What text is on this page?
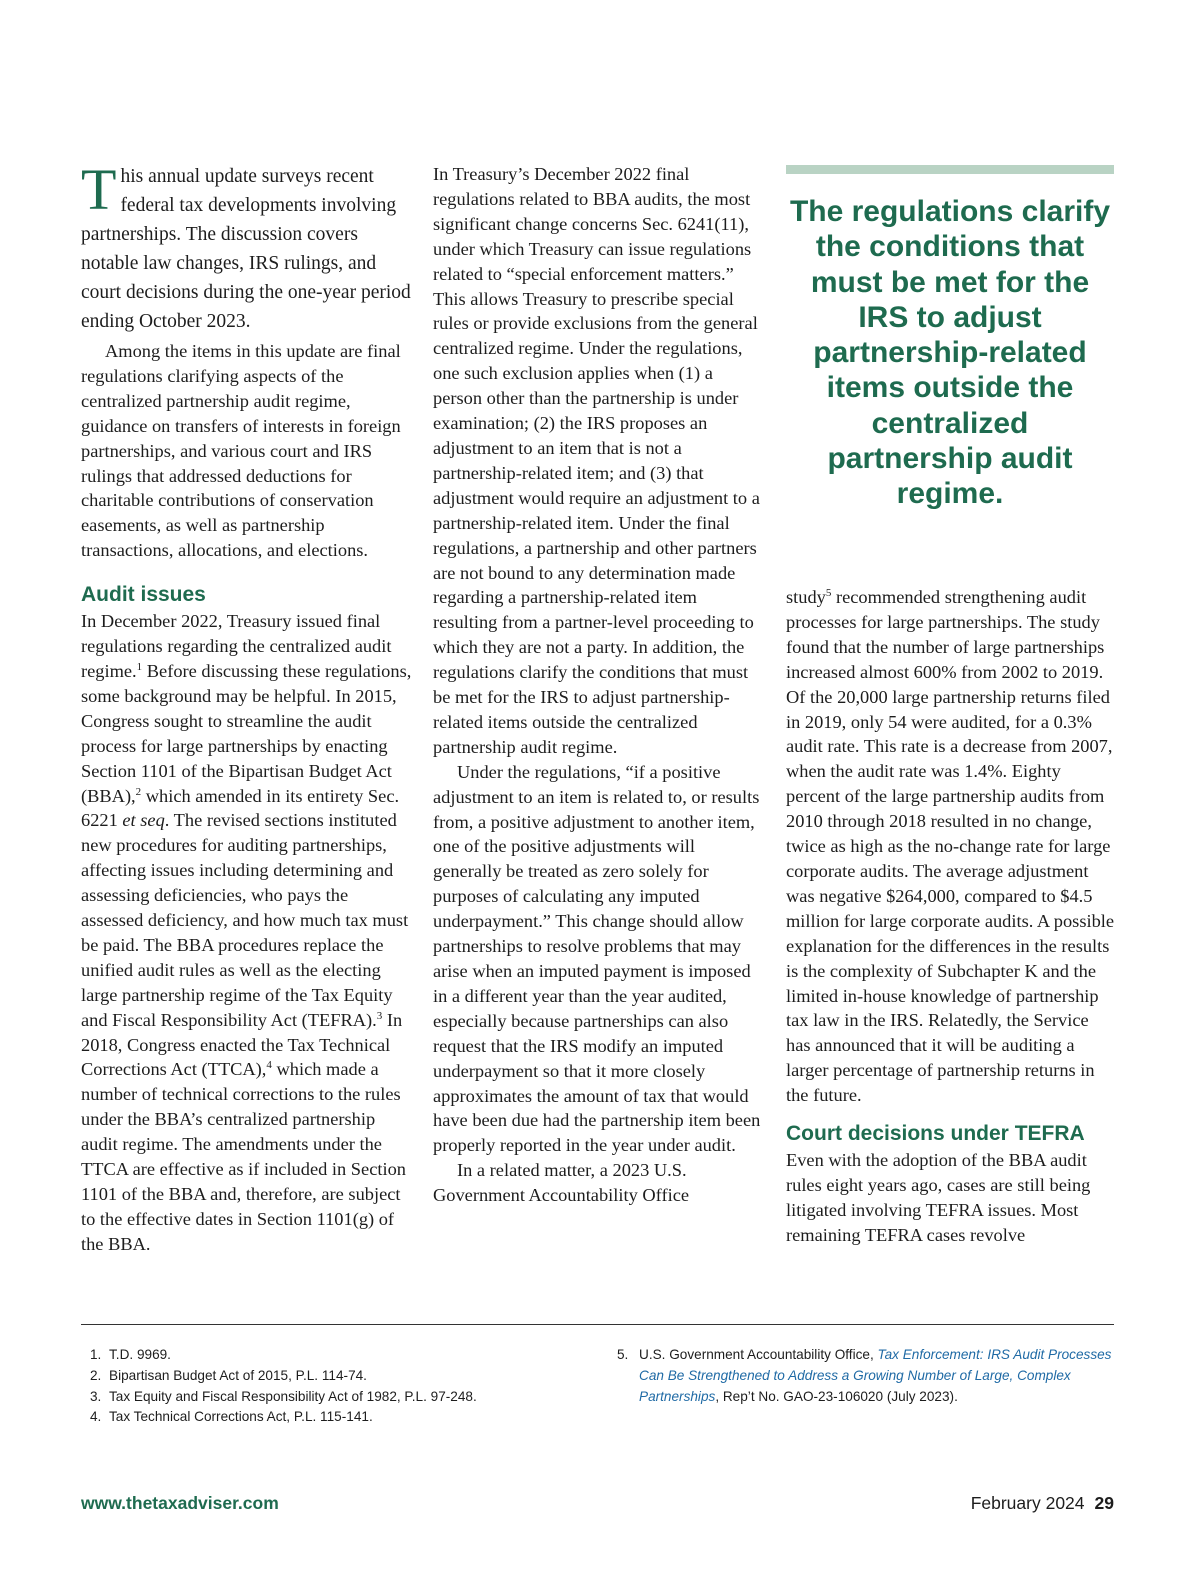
This annual update surveys recent federal tax developments involving partnerships. The discussion covers notable law changes, IRS rulings, and court decisions during the one-year period ending October 2023.

Among the items in this update are final regulations clarifying aspects of the centralized partnership audit regime, guidance on transfers of interests in foreign partnerships, and various court and IRS rulings that addressed deductions for charitable contributions of conservation easements, as well as partnership transactions, allocations, and elections.

Audit issues

In December 2022, Treasury issued final regulations regarding the centralized audit regime.$^1$ Before discussing these regulations, some background may be helpful. In 2015, Congress sought to streamline the audit process for large partnerships by enacting Section 1101 of the Bipartisan Budget Act (BBA),$^2$ which amended in its entirety Sec. 6221 et seq. The revised sections instituted new procedures for auditing partnerships, affecting issues including determining and assessing deficiencies, who pays the assessed deficiency, and how much tax must be paid. The BBA procedures replace the unified audit rules as well as the electing large partnership regime of the Tax Equity and Fiscal Responsibility Act (TEFRA).$^3$ In 2018, Congress enacted the Tax Technical Corrections Act (TTCA),$^4$ which made a number of technical corrections to the rules under the BBA’s centralized partnership audit regime. The amendments under the TTCA are effective as if included in Section 1101 of the BBA and, therefore, are subject to the effective dates in Section 1101(g) of the BBA.

In Treasury’s December 2022 final regulations related to BBA audits, the most significant change concerns Sec. 6241(11), under which Treasury can issue regulations related to “special enforcement matters.” This allows Treasury to prescribe special rules or provide exclusions from the general centralized regime. Under the regulations, one such exclusion applies when (1) a person other than the partnership is under examination; (2) the IRS proposes an adjustment to an item that is not a partnership-related item; and (3) that adjustment would require an adjustment to a partnership-related item. Under the final regulations, a partnership and other partners are not bound to any determination made regarding a partnership-related item resulting from a partner-level proceeding to which they are not a party. In addition, the regulations clarify the conditions that must be met for the IRS to adjust partnership-related items outside the centralized partnership audit regime.

Under the regulations, “if a positive adjustment to an item is related to, or results from, a positive adjustment to another item, one of the positive adjustments will generally be treated as zero solely for purposes of calculating any imputed underpayment.” This change should allow partnerships to resolve problems that may arise when an imputed payment is imposed in a different year than the year audited, especially because partnerships can also request that the IRS modify an imputed underpayment so that it more closely approximates the amount of tax that would have been due had the partnership item been properly reported in the year under audit.

In a related matter, a 2023 U.S. Government Accountability Office

The regulations clarify the conditions that must be met for the IRS to adjust partnership-related items outside the centralized partnership audit regime.

study$^5$ recommended strengthening audit processes for large partnerships. The study found that the number of large partnerships increased almost 600% from 2002 to 2019. Of the 20,000 large partnership returns filed in 2019, only 54 were audited, for a 0.3% audit rate. This rate is a decrease from 2007, when the audit rate was 1.4%. Eighty percent of the large partnership audits from 2010 through 2018 resulted in no change, twice as high as the no-change rate for large corporate audits. The average adjustment was negative $264,000, compared to $4.5 million for large corporate audits. A possible explanation for the differences in the results is the complexity of Subchapter K and the limited in-house knowledge of partnership tax law in the IRS. Relatedly, the Service has announced that it will be auditing a larger percentage of partnership returns in the future.

Court decisions under TEFRA

Even with the adoption of the BBA audit rules eight years ago, cases are still being litigated involving TEFRA issues. Most remaining TEFRA cases revolve

1. T.D. 9969.
2. Bipartisan Budget Act of 2015, P.L. 114-74.
3. Tax Equity and Fiscal Responsibility Act of 1982, P.L. 97-248.
4. Tax Technical Corrections Act, P.L. 115-141.
5. U.S. Government Accountability Office, Tax Enforcement: IRS Audit Processes Can Be Strengthened to Address a Growing Number of Large, Complex Partnerships, Rep’t No. GAO-23-106020 (July 2023).
www.thetaxadviser.com	February 2024 29
